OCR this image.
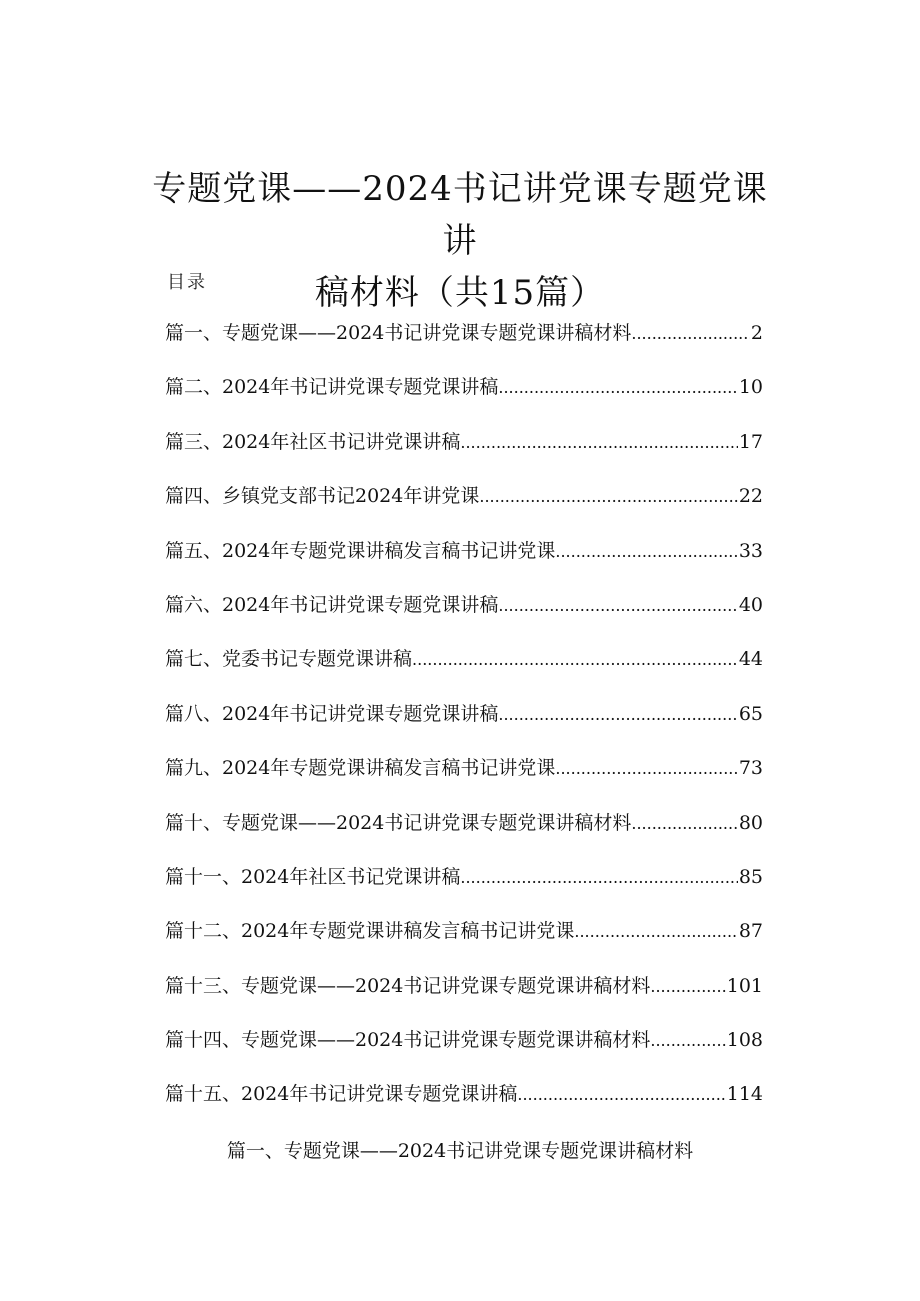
专题党课——2024书记讲党课专题党课讲
稿材料（共15篇）
目录
篇一、专题党课——2024书记讲党课专题党课讲稿材料 .....	2
篇二、2024年书记讲党课专题党课讲稿 .....	10
篇三、2024年社区书记讲党课讲稿 .....	17
篇四、乡镇党支部书记2024年讲党课 .....	22
篇五、2024年专题党课讲稿发言稿书记讲党课 .....	33
篇六、2024年书记讲党课专题党课讲稿 .....	40
篇七、党委书记专题党课讲稿 .....	44
篇八、2024年书记讲党课专题党课讲稿 .....	65
篇九、2024年专题党课讲稿发言稿书记讲党课 .....	73
篇十、专题党课——2024书记讲党课专题党课讲稿材料 .....	80
篇十一、2024年社区书记党课讲稿 .....	85
篇十二、2024年专题党课讲稿发言稿书记讲党课 .....	87
篇十三、专题党课——2024书记讲党课专题党课讲稿材料 .....	101
篇十四、专题党课——2024书记讲党课专题党课讲稿材料 .....	108
篇十五、2024年书记讲党课专题党课讲稿 .....	114
篇一、专题党课——2024书记讲党课专题党课讲稿材料
